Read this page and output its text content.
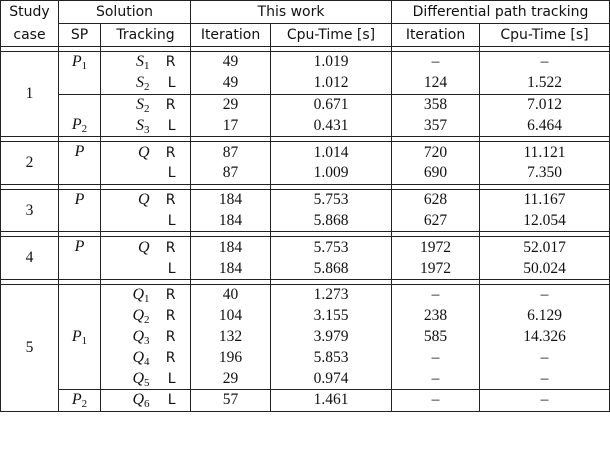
Study	Solution		This work		Differential path tracking	
case	SP	Tracking	Iteration	Cpu-Time [s]	Iteration	Cpu-Time [s]

1	$P_1$	$S_1$ R	49	1.019	–	–

		$S_2$ L	49	1.012	124	1.522
	$P_2$	$S_2$ R	29	0.671	358	7.012

		$S_3$ L	17	0.431	357	6.464

2	P	Q R	87	1.014	720	11.121

		L	87	1.009	690	7.350

3	P	Q R	184	5.753	628	11.167

		L	184	5.868	627	12.054

4	P	Q R	184	5.753	1972	52.017

		L	184	5.868	1972	50.024

5	$P_1$	$Q_1$ R	40	1.273	–	–

		$Q_2$ R	104	3.155	238	6.129

		$Q_3$ R	132	3.979	585	14.326

		$Q_4$ R	196	5.853	–	–

		$Q_5$ L	29	0.974	–	–
	$P_2$	$Q_6$ L	57	1.461	–	–
